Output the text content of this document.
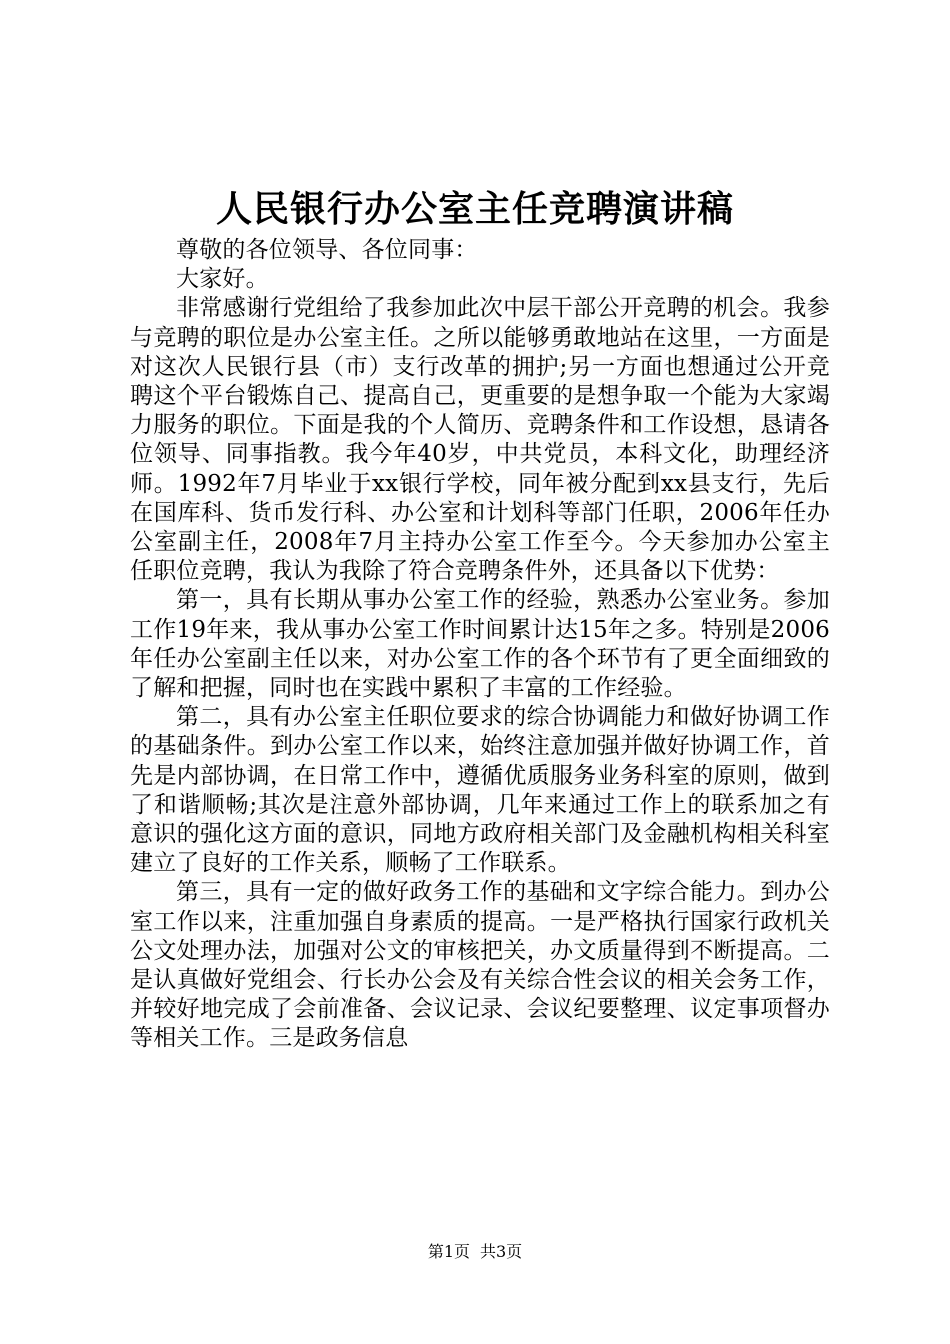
人民银行办公室主任竞聘演讲稿

尊敬的各位领导、各位同事：

大家好。

非常感谢行党组给了我参加此次中层干部公开竞聘的机会。我参与竞聘的职位是办公室主任。之所以能够勇敢地站在这里，一方面是对这次人民银行县（市）支行改革的拥护;另一方面也想通过公开竞聘这个平台锻炼自己、提高自己，更重要的是想争取一个能为大家竭力服务的职位。下面是我的个人简历、竞聘条件和工作设想，恳请各位领导、同事指教。我今年40岁，中共党员，本科文化，助理经济师。1992年7月毕业于xx银行学校，同年被分配到xx县支行，先后在国库科、货币发行科、办公室和计划科等部门任职，2006年任办公室副主任，2008年7月主持办公室工作至今。今天参加办公室主任职位竞聘，我认为我除了符合竞聘条件外，还具备以下优势：

第一，具有长期从事办公室工作的经验，熟悉办公室业务。参加工作19年来，我从事办公室工作时间累计达15年之多。特别是2006年任办公室副主任以来，对办公室工作的各个环节有了更全面细致的了解和把握，同时也在实践中累积了丰富的工作经验。

第二，具有办公室主任职位要求的综合协调能力和做好协调工作的基础条件。到办公室工作以来，始终注意加强并做好协调工作，首先是内部协调，在日常工作中，遵循优质服务业务科室的原则，做到了和谐顺畅;其次是注意外部协调，几年来通过工作上的联系加之有意识的强化这方面的意识，同地方政府相关部门及金融机构相关科室建立了良好的工作关系，顺畅了工作联系。

第三，具有一定的做好政务工作的基础和文字综合能力。到办公室工作以来，注重加强自身素质的提高。一是严格执行国家行政机关公文处理办法，加强对公文的审核把关，办文质量得到不断提高。二是认真做好党组会、行长办公会及有关综合性会议的相关会务工作，并较好地完成了会前准备、会议记录、会议纪要整理、议定事项督办等相关工作。三是政务信息

第1页 共3页
